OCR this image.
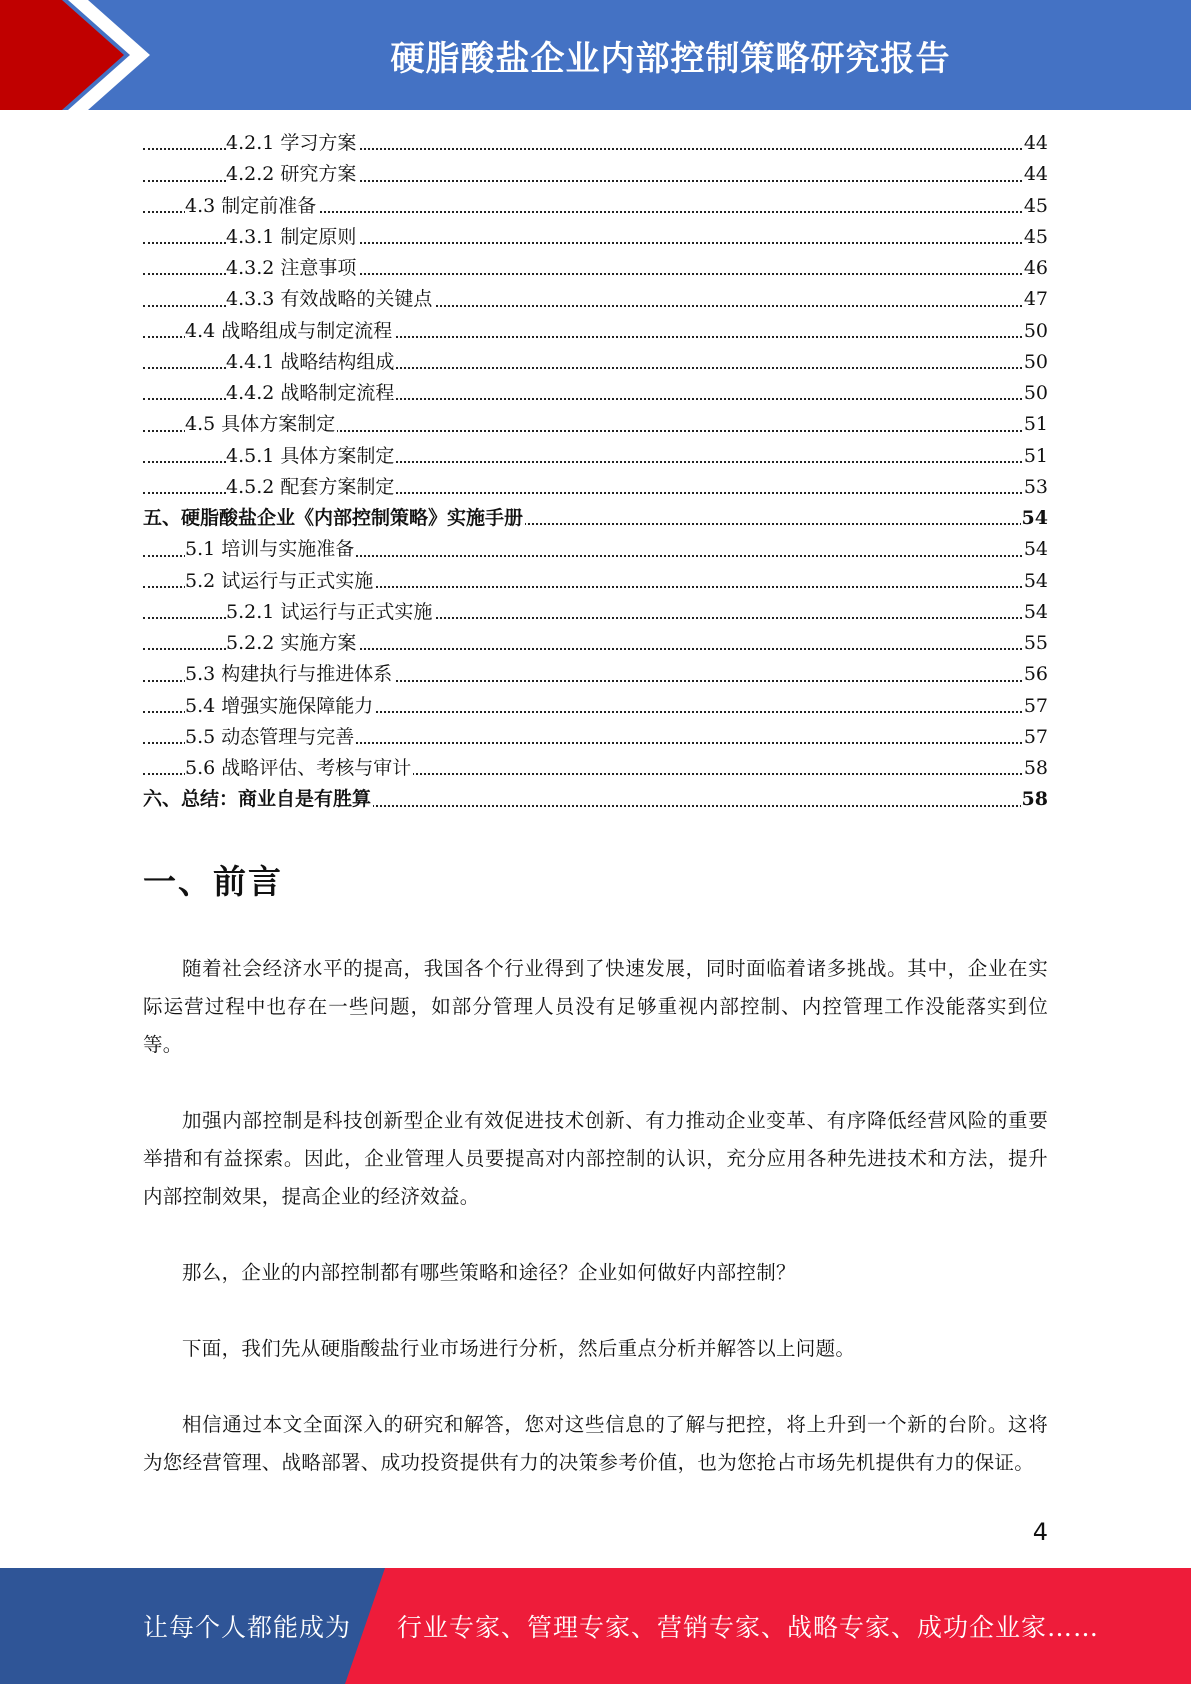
硬脂酸盐企业内部控制策略研究报告
4.2.1 学习方案	44
4.2.2 研究方案	44
4.3 制定前准备	45
4.3.1 制定原则	45
4.3.2 注意事项	46
4.3.3 有效战略的关键点	47
4.4 战略组成与制定流程	50
4.4.1 战略结构组成	50
4.4.2 战略制定流程	50
4.5 具体方案制定	51
4.5.1 具体方案制定	51
4.5.2 配套方案制定	53
五、硬脂酸盐企业《内部控制策略》实施手册	54
5.1 培训与实施准备	54
5.2 试运行与正式实施	54
5.2.1 试运行与正式实施	54
5.2.2 实施方案	55
5.3 构建执行与推进体系	56
5.4 增强实施保障能力	57
5.5 动态管理与完善	57
5.6 战略评估、考核与审计	58
六、总结：商业自是有胜算	58
一、前言

随着社会经济水平的提高，我国各个行业得到了快速发展，同时面临着诸多挑战。其中，企业在实际运营过程中也存在一些问题，如部分管理人员没有足够重视内部控制、内控管理工作没能落实到位等。

加强内部控制是科技创新型企业有效促进技术创新、有力推动企业变革、有序降低经营风险的重要举措和有益探索。因此，企业管理人员要提高对内部控制的认识，充分应用各种先进技术和方法，提升内部控制效果，提高企业的经济效益。

那么，企业的内部控制都有哪些策略和途径？企业如何做好内部控制？

下面，我们先从硬脂酸盐行业市场进行分析，然后重点分析并解答以上问题。

相信通过本文全面深入的研究和解答，您对这些信息的了解与把控，将上升到一个新的台阶。这将为您经营管理、战略部署、成功投资提供有力的决策参考价值，也为您抢占市场先机提供有力的保证。

4
让每个人都能成为 行业专家、管理专家、营销专家、战略专家、成功企业家……
